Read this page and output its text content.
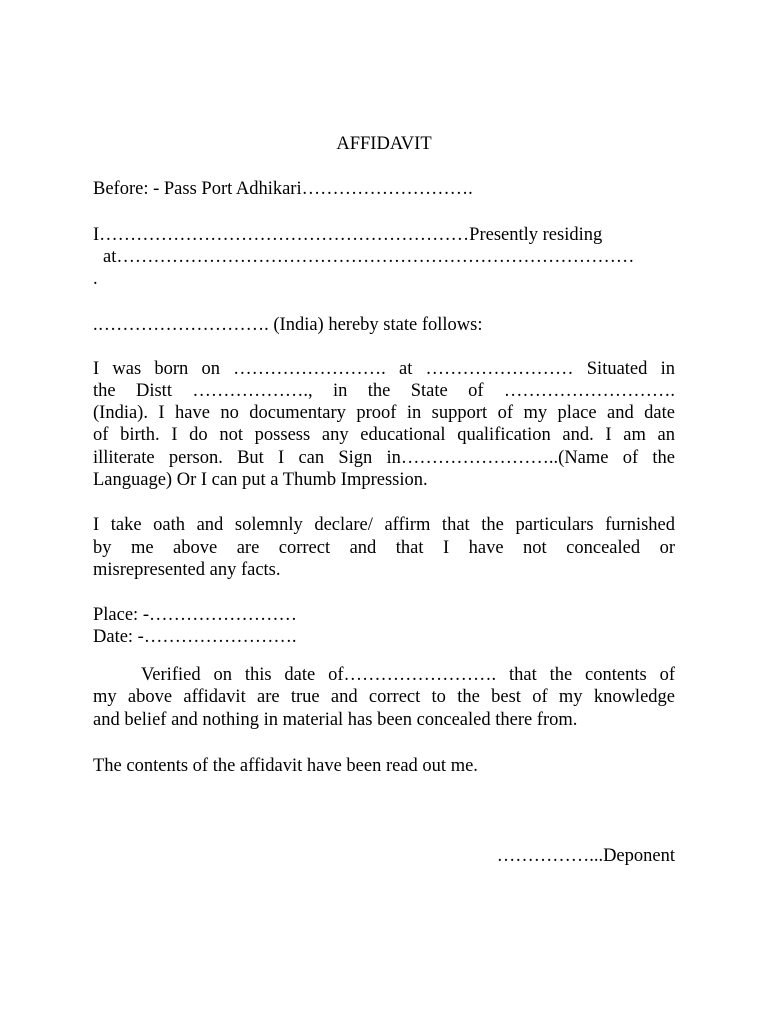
AFFIDAVIT
Before: - Pass Port Adhikari……………………….
I……………………………………………………Presently residing
at…………………………………………………………………………
.
.………………………. (India) hereby state follows:
I was born on ……………………. at …………………… Situated in
the Distt ………………., in the State of ……………………….
(India). I have no documentary proof in support of my place and date
of birth. I do not possess any educational qualification and. I am an
illiterate person. But I can Sign in……………………..(Name of the
Language) Or I can put a Thumb Impression.
I take oath and solemnly declare/ affirm that the particulars furnished
by me above are correct and that I have not concealed or
misrepresented any facts.
Place: -……………………
Date: -…………………….
Verified on this date of……………………. that the contents of
my above affidavit are true and correct to the best of my knowledge
and belief and nothing in material has been concealed there from.
The contents of the affidavit have been read out me.
……………...Deponent
